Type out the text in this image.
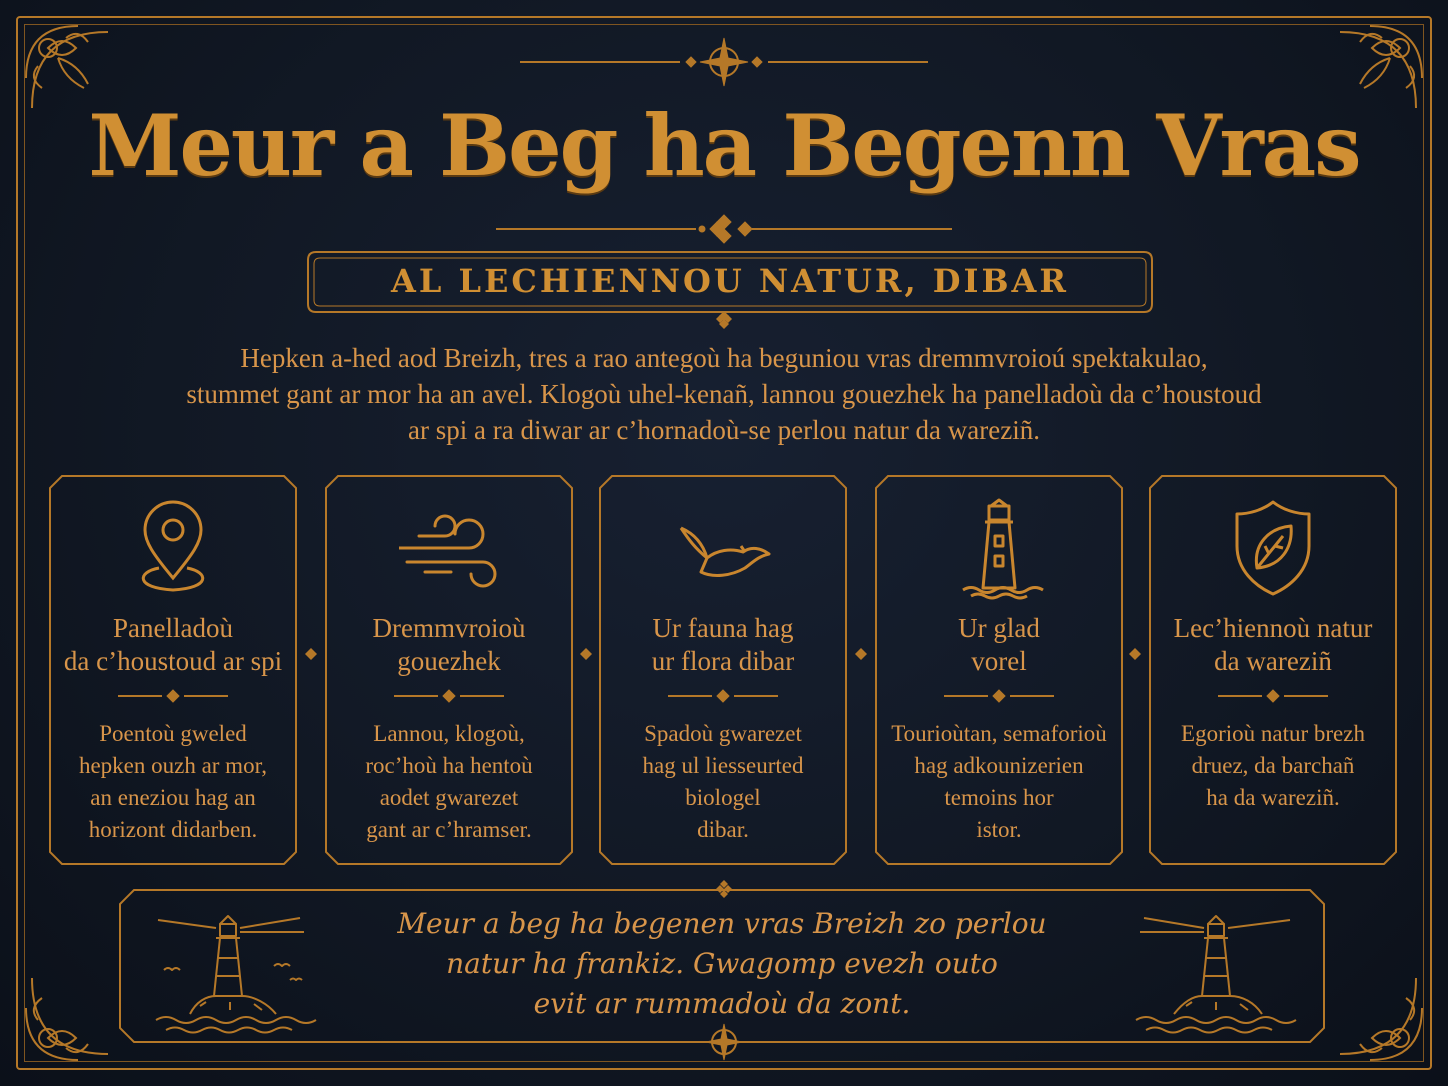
Meur a Beg ha Begenn Vras
AL LECHIENNOU NATUR, DIBAR
Hepken a-hed aod Breizh, tres a rao antegoù ha beguniou vras dremmvroioú spektakulao,
stummet gant ar mor ha an avel. Klogoù uhel-kenañ, lannou gouezhek ha panelladoù da c’houstoud
ar spi a ra diwar ar c’hornadoù-se perlou natur da wareziñ.
Panelladoù
da c’houstoud ar spi
Poentoù gweled
hepken ouzh ar mor,
an eneziou hag an
horizont didarben.
Dremmvroioù
gouezhek
Lannou, klogoù,
roc’hoù ha hentoù
aodet gwarezet
gant ar c’hramser.
Ur fauna hag
ur flora dibar
Spadoù gwarezet
hag ul liesseurted
biologel
dibar.
Ur glad
vorel
Tourioùtan, semaforioù
hag adkounizerien
temoins hor
istor.
Lec’hiennoù natur
da wareziñ
Egorioù natur brezh
druez, da barchañ
ha da wareziñ.
Meur a beg ha begenen vras Breizh zo perlou
natur ha frankiz. Gwagomp evezh outo
evit ar rummadoù da zont.
